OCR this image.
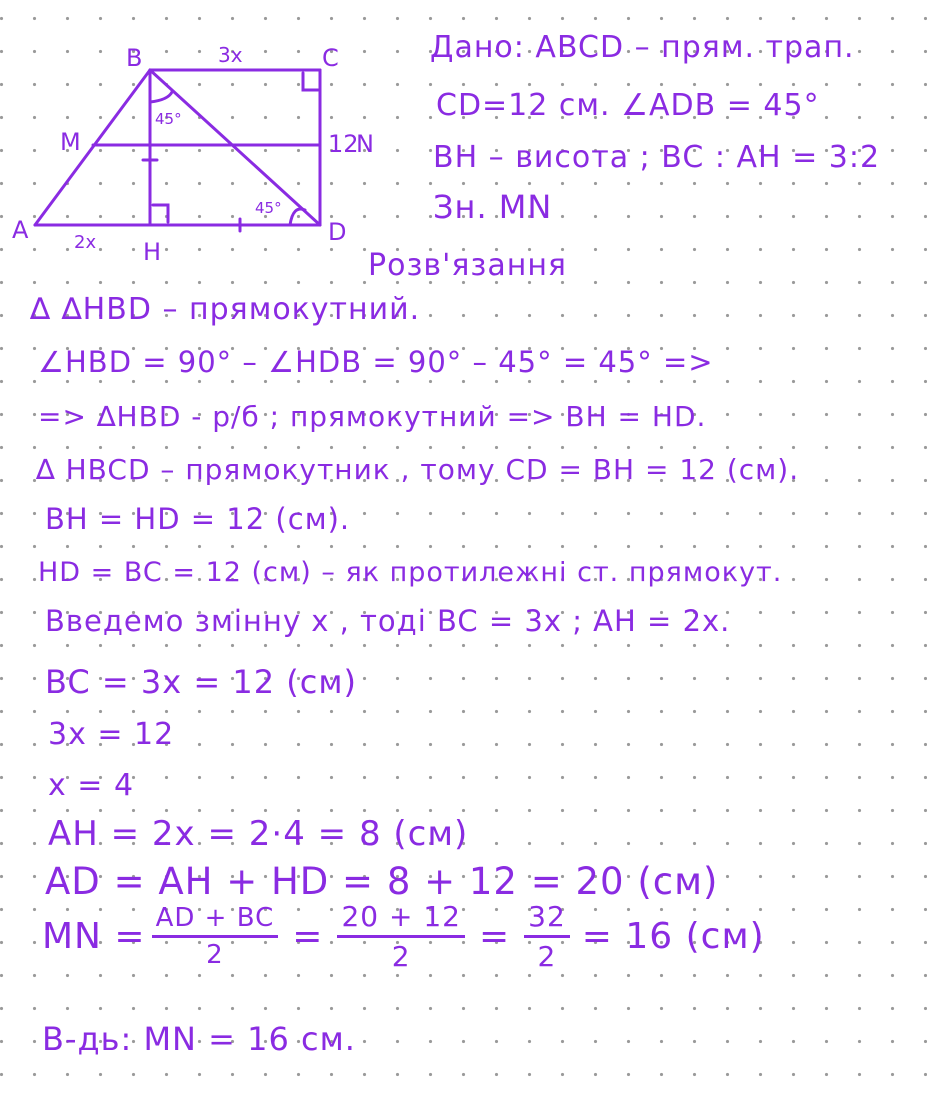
B	C
A	D
M
H
12
N
3x
2x
45°
45°
Дано: ABCD – прям. трап.
CD=12 см. ∠ADB = 45°
BH – висота ; BC : AH = 3:2
Зн. MN
Розв'язання
∆ ∆HBD – прямокутний.
∠HBD = 90° – ∠HDB = 90° – 45° = 45° =>
=> ∆HBD - р/б ; прямокутний => BH = HD.
∆ HBCD – прямокутник , тому CD = BH = 12 (см).
BH = HD = 12 (см).
HD = BC = 12 (см) – як протилежні ст. прямокут.
Введемо змінну x , тоді BC = 3x ; AH = 2x.
BC = 3x = 12 (см)
3x = 12
x = 4
AH = 2x = 2·4 = 8 (см)
AD = AH + HD = 8 + 12 = 20 (см)
MN = $\frac{AD + BC}{2} = \frac{20 + 12}{2} = \frac{32}{2} = 16$ (см)
В-дь: MN = 16 см.
